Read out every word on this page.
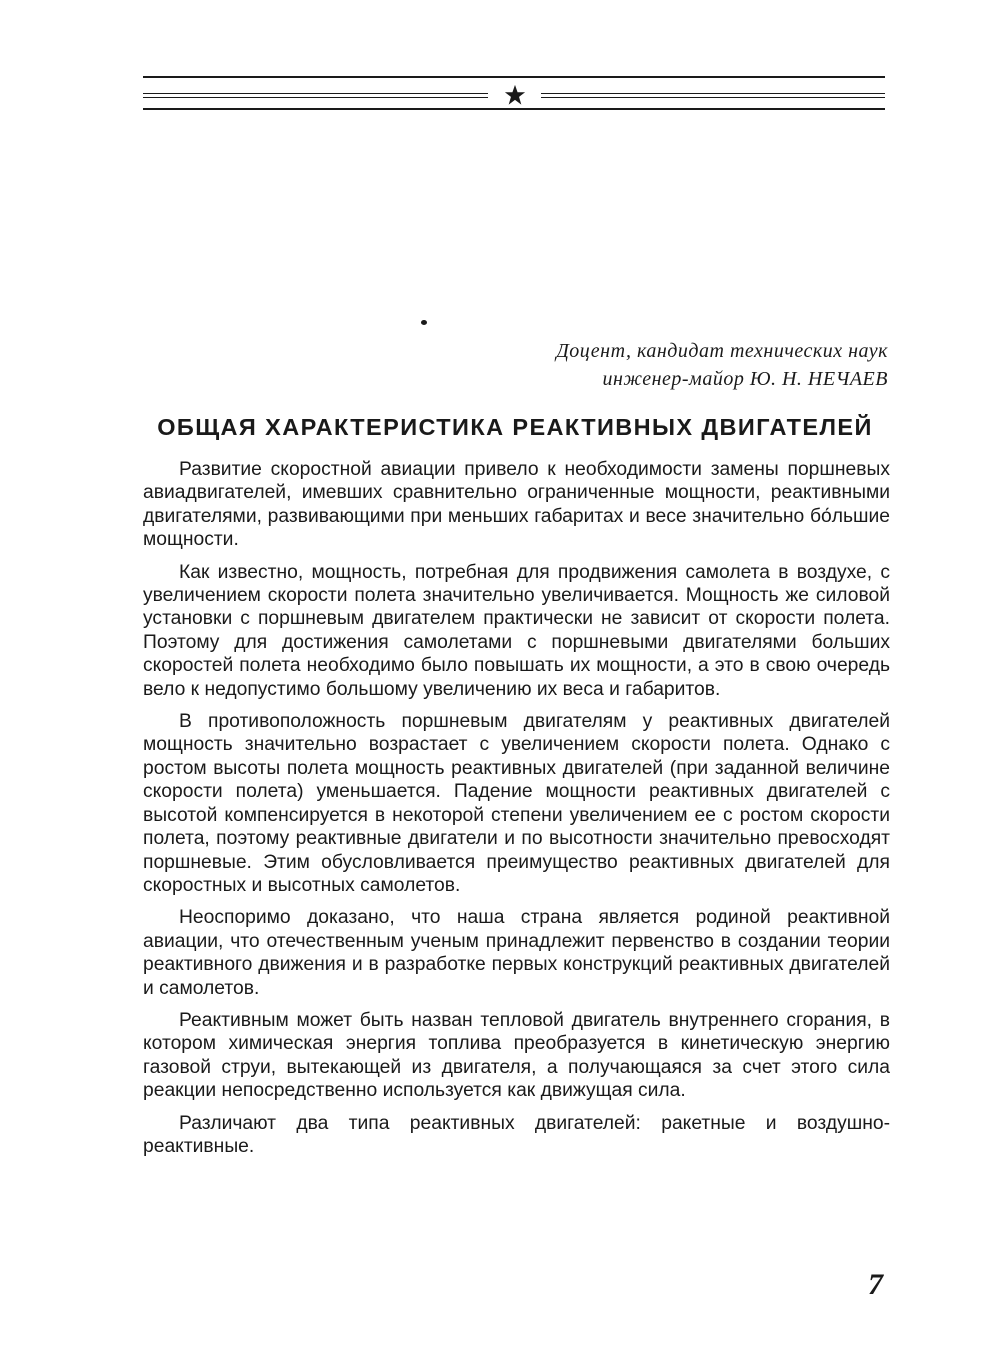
Доцент, кандидат технических наук
инженер-майор Ю. Н. НЕЧАЕВ
ОБЩАЯ ХАРАКТЕРИСТИКА РЕАКТИВНЫХ ДВИГАТЕЛЕЙ

Развитие скоростной авиации привело к необходимости замены поршневых авиадвигателей, имевших сравнительно ограниченные мощности, реактивными двигателями, развивающими при меньших габаритах и весе значительно бо́льшие мощности.

Как известно, мощность, потребная для продвижения самолета в воздухе, с увеличением скорости полета значительно увеличивается. Мощность же силовой установки с поршневым двигателем практически не зависит от скорости полета. Поэтому для достижения самолетами с поршневыми двигателями больших скоростей полета необходимо было повышать их мощности, а это в свою очередь вело к недопустимо большому увеличению их веса и габаритов.

В противоположность поршневым двигателям у реактивных двигателей мощность значительно возрастает с увеличением скорости полета. Однако с ростом высоты полета мощность реактивных двигателей (при заданной величине скорости полета) уменьшается. Падение мощности реактивных двигателей с высотой компенсируется в некоторой степени увеличением ее с ростом скорости полета, поэтому реактивные двигатели и по высотности значительно превосходят поршневые. Этим обусловливается преимущество реактивных двигателей для скоростных и высотных самолетов.

Неоспоримо доказано, что наша страна является родиной реактивной авиации, что отечественным ученым принадлежит первенство в создании теории реактивного движения и в разработке первых конструкций реактивных двигателей и самолетов.

Реактивным может быть назван тепловой двигатель внутреннего сгорания, в котором химическая энергия топлива преобразуется в кинетическую энергию газовой струи, вытекающей из двигателя, а получающаяся за счет этого сила реакции непосредственно используется как движущая сила.

Различают два типа реактивных двигателей: ракетные и воздушно-реактивные.

7
